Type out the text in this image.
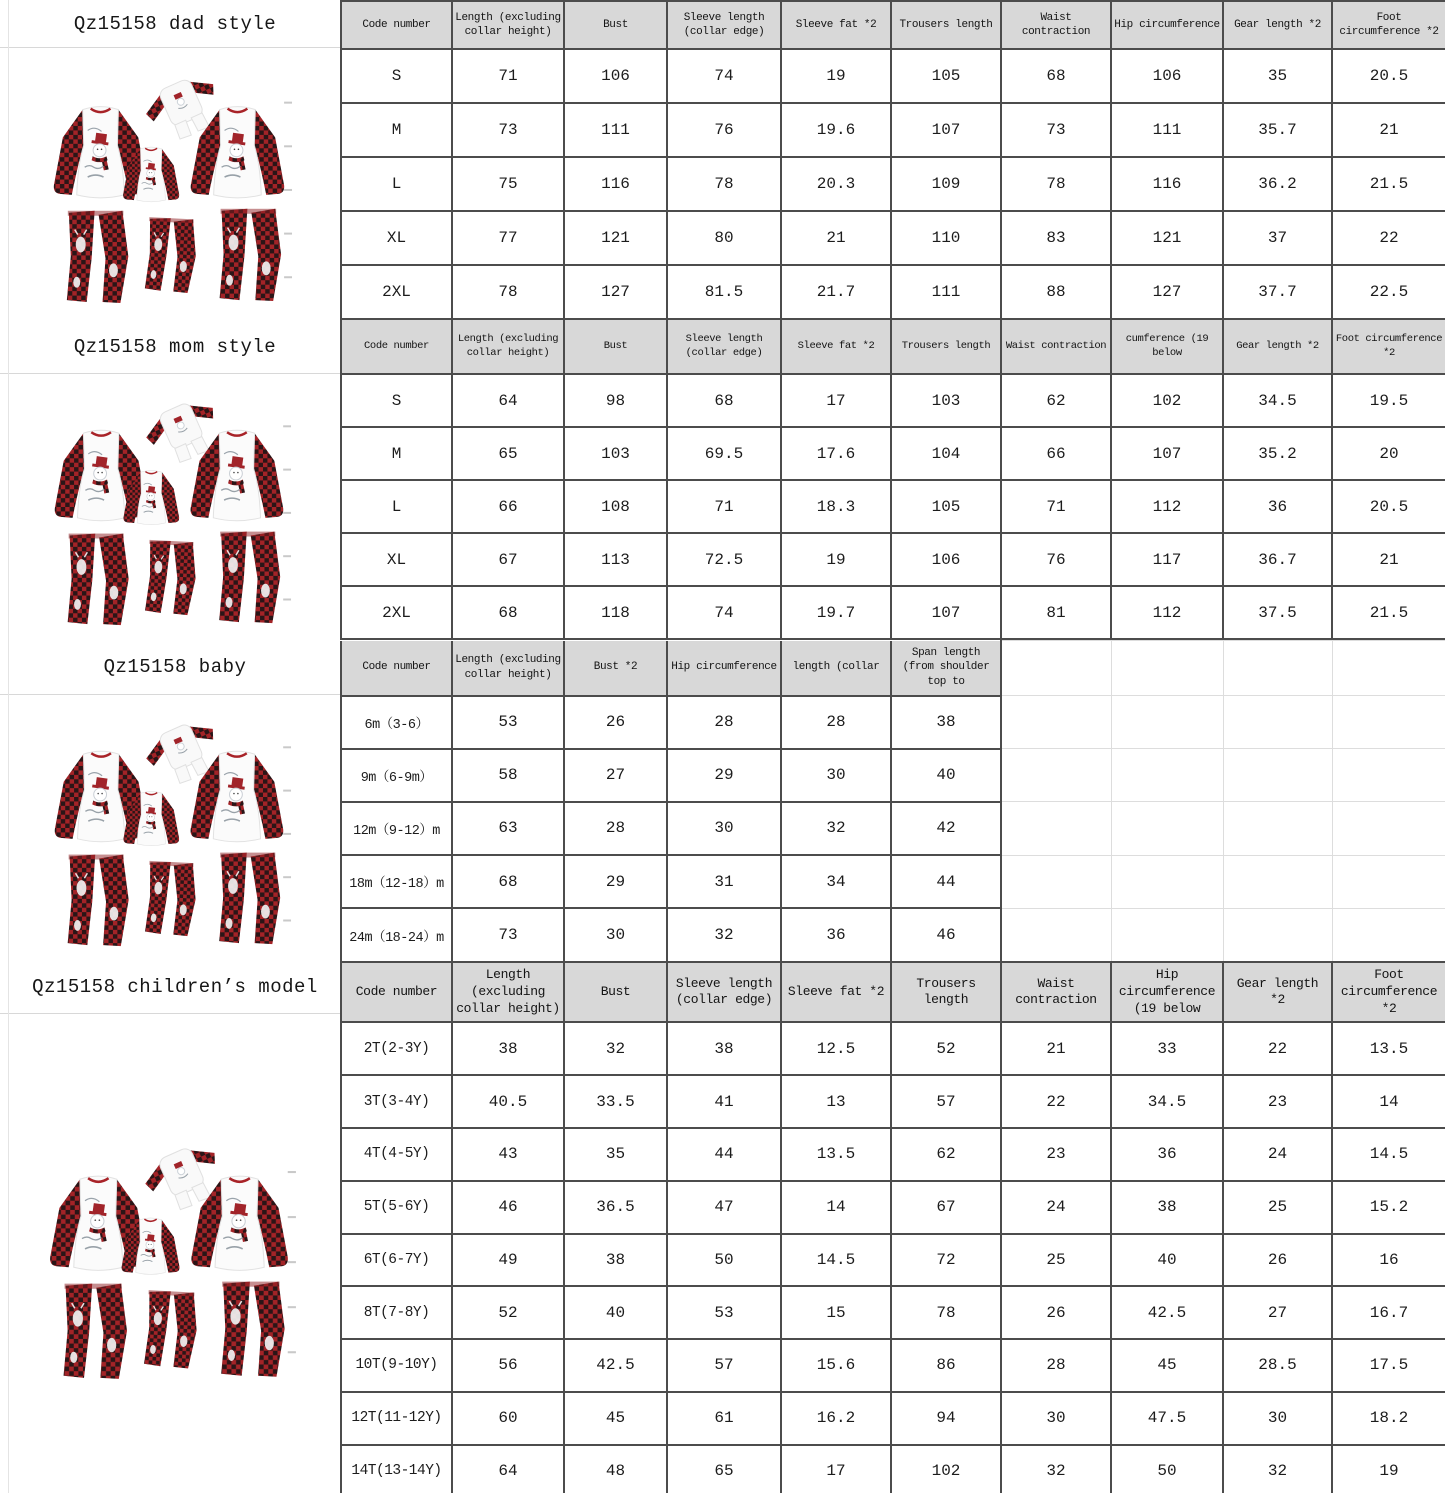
Qz15158 dad style	Code number	Length (excluding collar height)	Bust	Sleeve length (collar edge)	Sleeve fat *2	Trousers length	Waist contraction	Hip circumference	Gear length *2	Foot circumference *2
S	71	106	74	19	105	68	106	35	20.5
M	73	111	76	19.6	107	73	111	35.7	21
L	75	116	78	20.3	109	78	116	36.2	21.5
XL	77	121	80	21	110	83	121	37	22
2XL	78	127	81.5	21.7	111	88	127	37.7	22.5
Qz15158 mom style	Code number	Length (excluding collar height)	Bust	Sleeve length (collar edge)	Sleeve fat *2	Trousers length	Waist contraction	cumference (19 below	Gear length *2	Foot circumference *2
S	64	98	68	17	103	62	102	34.5	19.5
M	65	103	69.5	17.6	104	66	107	35.2	20
L	66	108	71	18.3	105	71	112	36	20.5
XL	67	113	72.5	19	106	76	117	36.7	21
2XL	68	118	74	19.7	107	81	112	37.5	21.5
Qz15158 baby	Code number	Length (excluding collar height)	Bust *2	Hip circumference	length (collar	Span length (from shoulder top to				
6m（3-6）	53	26	28	28	38				
9m（6-9m）	58	27	29	30	40				
12m（9-12）m	63	28	30	32	42				
18m（12-18）m	68	29	31	34	44				
24m（18-24）m	73	30	32	36	46				
Qz15158 children’s model	Code number	Length (excluding collar height)	Bust	Sleeve length (collar edge)	Sleeve fat *2	Trousers length	Waist contraction	Hip circumference (19 below	Gear length *2	Foot circumference *2
2T(2-3Y)	38	32	38	12.5	52	21	33	22	13.5
3T(3-4Y)	40.5	33.5	41	13	57	22	34.5	23	14
4T(4-5Y)	43	35	44	13.5	62	23	36	24	14.5
5T(5-6Y)	46	36.5	47	14	67	24	38	25	15.2
6T(6-7Y)	49	38	50	14.5	72	25	40	26	16
8T(7-8Y)	52	40	53	15	78	26	42.5	27	16.7
10T(9-10Y)	56	42.5	57	15.6	86	28	45	28.5	17.5
12T(11-12Y)	60	45	61	16.2	94	30	47.5	30	18.2
14T(13-14Y)	64	48	65	17	102	32	50	32	19
